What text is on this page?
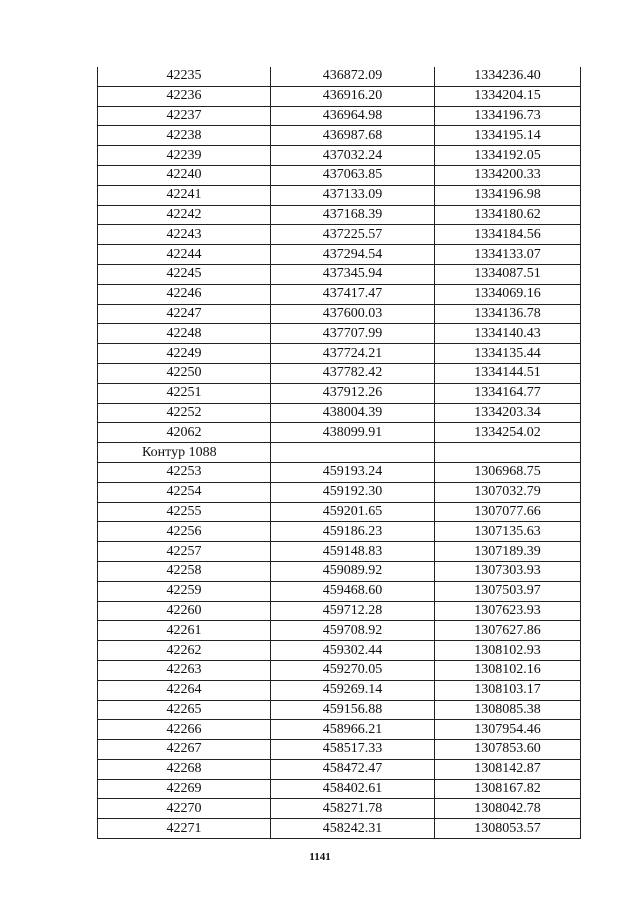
42235	436872.09	1334236.40
42236	436916.20	1334204.15
42237	436964.98	1334196.73
42238	436987.68	1334195.14
42239	437032.24	1334192.05
42240	437063.85	1334200.33
42241	437133.09	1334196.98
42242	437168.39	1334180.62
42243	437225.57	1334184.56
42244	437294.54	1334133.07
42245	437345.94	1334087.51
42246	437417.47	1334069.16
42247	437600.03	1334136.78
42248	437707.99	1334140.43
42249	437724.21	1334135.44
42250	437782.42	1334144.51
42251	437912.26	1334164.77
42252	438004.39	1334203.34
42062	438099.91	1334254.02
Контур 1088		
42253	459193.24	1306968.75
42254	459192.30	1307032.79
42255	459201.65	1307077.66
42256	459186.23	1307135.63
42257	459148.83	1307189.39
42258	459089.92	1307303.93
42259	459468.60	1307503.97
42260	459712.28	1307623.93
42261	459708.92	1307627.86
42262	459302.44	1308102.93
42263	459270.05	1308102.16
42264	459269.14	1308103.17
42265	459156.88	1308085.38
42266	458966.21	1307954.46
42267	458517.33	1307853.60
42268	458472.47	1308142.87
42269	458402.61	1308167.82
42270	458271.78	1308042.78
42271	458242.31	1308053.57
1141
